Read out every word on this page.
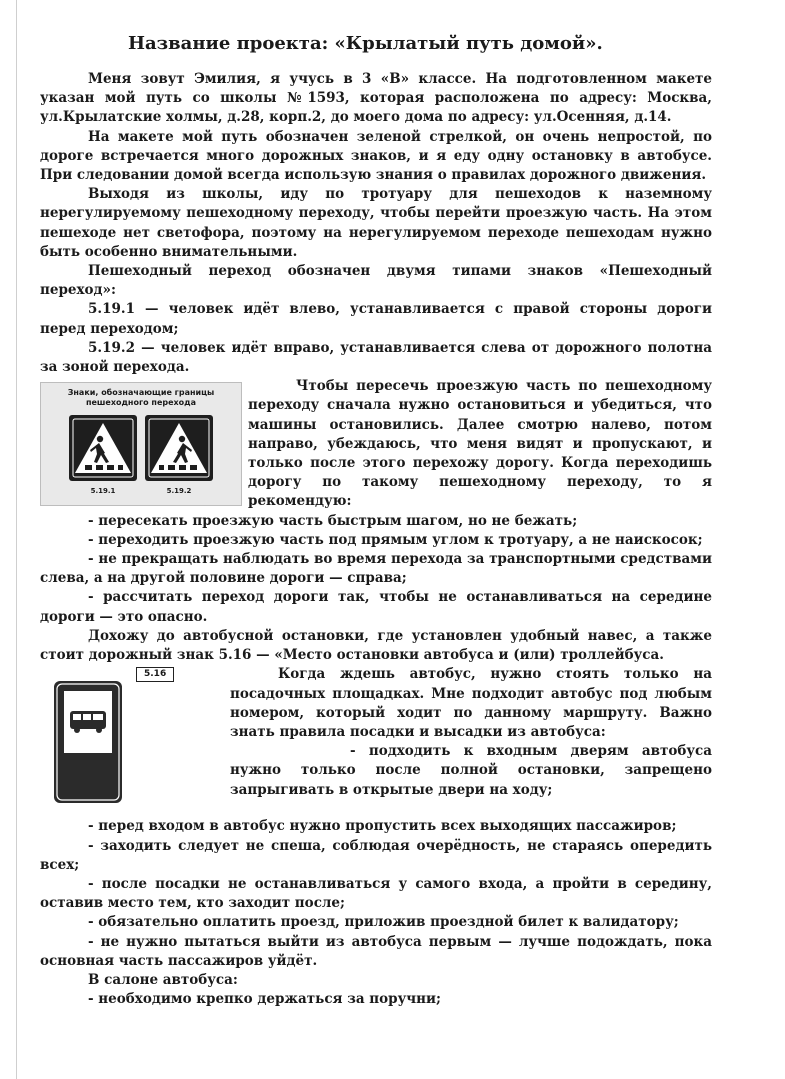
Название проекта: «Крылатый путь домой».

Меня зовут Эмилия, я учусь в 3 «В» классе. На подготовленном макете указан мой путь со школы №1593, которая расположена по адресу: Москва, ул.Крылатские холмы, д.28, корп.2, до моего дома по адресу: ул.Осенняя, д.14.

На макете мой путь обозначен зеленой стрелкой, он очень непростой, по дороге встречается много дорожных знаков, и я еду одну остановку в автобусе. При следовании домой всегда использую знания о правилах дорожного движения.

Выходя из школы, иду по тротуару для пешеходов к наземному нерегулируемому пешеходному переходу, чтобы перейти проезжую часть. На этом пешеходе нет светофора, поэтому на нерегулируемом переходе пешеходам нужно быть особенно внимательными.

Пешеходный переход обозначен двумя типами знаков «Пешеходный переход»:

5.19.1 — человек идёт влево, устанавливается с правой стороны дороги перед переходом;

5.19.2 — человек идёт вправо, устанавливается слева от дорожного полотна за зоной перехода.

Знаки, обозначающие границы пешеходного перехода
5.19.1	5.19.2

Чтобы пересечь проезжую часть по пешеходному переходу сначала нужно остановиться и убедиться, что машины остановились. Далее смотрю налево, потом направо, убеждаюсь, что меня видят и пропускают, и только после этого перехожу дорогу. Когда переходишь дорогу по такому пешеходному переходу, то я рекомендую:

- пересекать проезжую часть быстрым шагом, но не бежать;

- переходить проезжую часть под прямым углом к тротуару, а не наискосок;

- не прекращать наблюдать во время перехода за транспортными средствами слева, а на другой половине дороги — справа;

- рассчитать переход дороги так, чтобы не останавливаться на середине дороги — это опасно.

Дохожу до автобусной остановки, где установлен удобный навес, а также стоит дорожный знак 5.16 — «Место остановки автобуса и (или) троллейбуса.

5.16	Когда ждешь автобус, нужно стоять только на посадочных площадках. Мне подходит автобус под любым номером, который ходит по данному маршруту. Важно знать правила посадки и высадки из автобуса:

- подходить к входным дверям автобуса нужно только после полной остановки, запрещено запрыгивать в открытые двери на ходу;

- перед входом в автобус нужно пропустить всех выходящих пассажиров;

- заходить следует не спеша, соблюдая очерёдность, не стараясь опередить всех;

- после посадки не останавливаться у самого входа, а пройти в середину, оставив место тем, кто заходит после;

- обязательно оплатить проезд, приложив проездной билет к валидатору;

- не нужно пытаться выйти из автобуса первым — лучше подождать, пока основная часть пассажиров уйдёт.

В салоне автобуса:

- необходимо крепко держаться за поручни;
